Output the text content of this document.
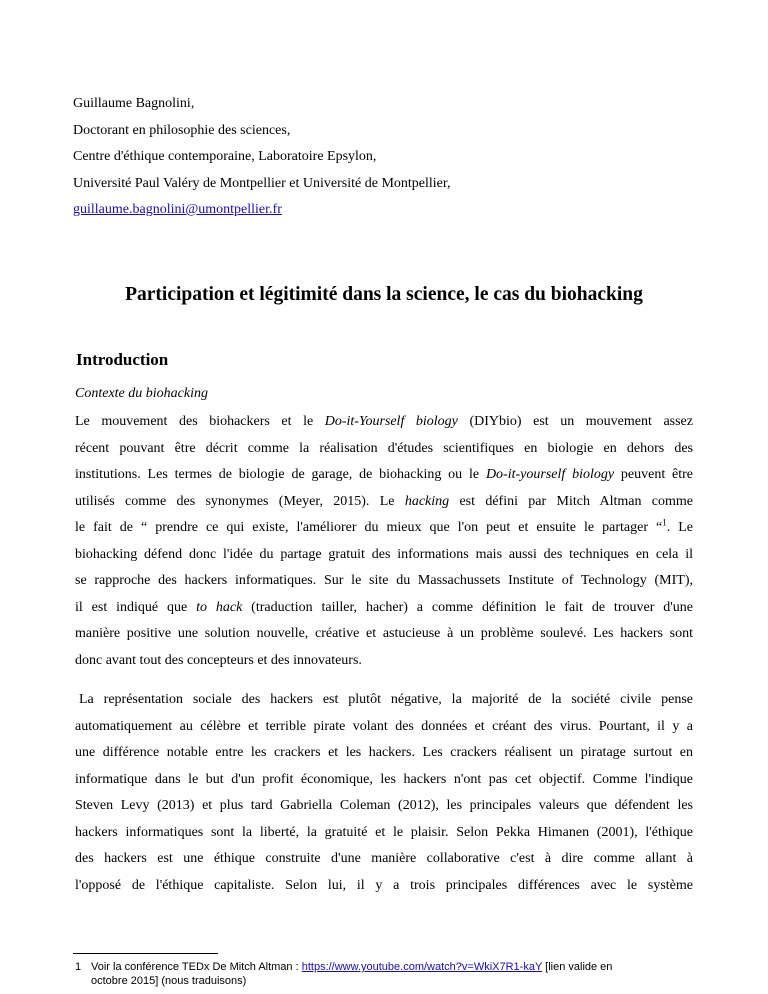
Guillaume Bagnolini,
Doctorant en philosophie des sciences,
Centre d'éthique contemporaine, Laboratoire Epsylon,
Université Paul Valéry de Montpellier et Université de Montpellier,
guillaume.bagnolini@umontpellier.fr
Participation et légitimité dans la science, le cas du biohacking
Introduction
Contexte du biohacking
Le mouvement des biohackers et le Do-it-Yourself biology (DIYbio) est un mouvement assez
récent pouvant être décrit comme la réalisation d'études scientifiques en biologie en dehors des
institutions. Les termes de biologie de garage, de biohacking ou le Do-it-yourself biology peuvent être
utilisés comme des synonymes (Meyer, 2015). Le hacking est défini par Mitch Altman comme
le fait de “ prendre ce qui existe, l'améliorer du mieux que l'on peut et ensuite le partager “$^1$. Le
biohacking défend donc l'idée du partage gratuit des informations mais aussi des techniques en cela il
se rapproche des hackers informatiques. Sur le site du Massachussets Institute of Technology (MIT),
il est indiqué que to hack (traduction tailler, hacher) a comme définition le fait de trouver d'une
manière positive une solution nouvelle, créative et astucieuse à un problème soulevé. Les hackers sont
donc avant tout des concepteurs et des innovateurs.
La représentation sociale des hackers est plutôt négative, la majorité de la société civile pense
automatiquement au célèbre et terrible pirate volant des données et créant des virus. Pourtant, il y a
une différence notable entre les crackers et les hackers. Les crackers réalisent un piratage surtout en
informatique dans le but d'un profit économique, les hackers n'ont pas cet objectif. Comme l'indique
Steven Levy (2013) et plus tard Gabriella Coleman (2012), les principales valeurs que défendent les
hackers informatiques sont la liberté, la gratuité et le plaisir. Selon Pekka Himanen (2001), l'éthique
des hackers est une éthique construite d'une manière collaborative c'est à dire comme allant à
l'opposé de l'éthique capitaliste. Selon lui, il y a trois principales différences avec le système
1 Voir la conférence TEDx De Mitch Altman : https://www.youtube.com/watch?v=WkiX7R1-kaY [lien valide en
octobre 2015] (nous traduisons)
